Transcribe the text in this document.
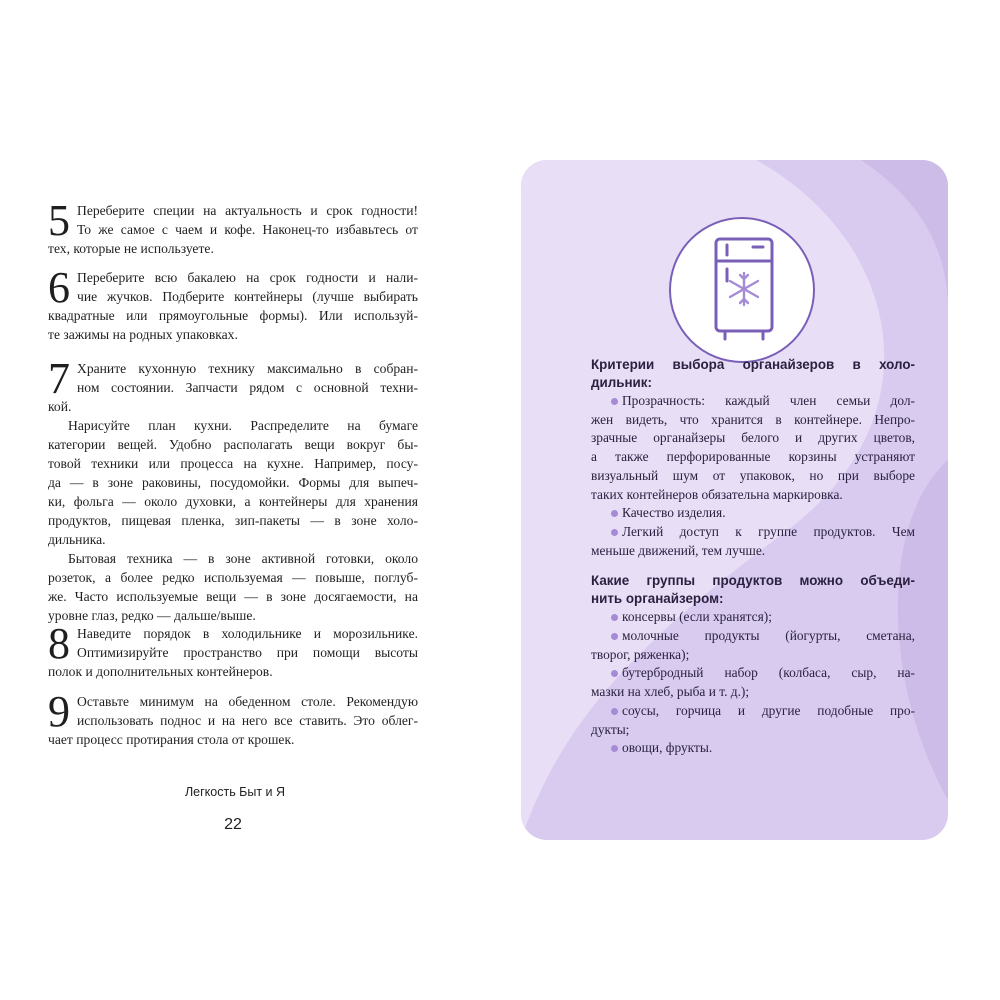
5 Переберите специи на актуальность и срок годности!
То же самое с чаем и кофе. Наконец-то избавьтесь от
тех, которые не используете.
6 Переберите всю бакалею на срок годности и нали-
чие жучков. Подберите контейнеры (лучше выбирать
квадратные или прямоугольные формы). Или используй-
те зажимы на родных упаковках.
7 Храните кухонную технику максимально в собран-
ном состоянии. Запчасти рядом с основной техни-
кой.
Нарисуйте план кухни. Распределите на бумаге
категории вещей. Удобно располагать вещи вокруг бы-
товой техники или процесса на кухне. Например, посу-
да — в зоне раковины, посудомойки. Формы для выпеч-
ки, фольга — около духовки, а контейнеры для хранения
продуктов, пищевая пленка, зип-пакеты — в зоне холо-
дильника.
Бытовая техника — в зоне активной готовки, около
розеток, а более редко используемая — повыше, поглуб-
же. Часто используемые вещи — в зоне досягаемости, на
уровне глаз, редко — дальше/выше.
8 Наведите порядок в холодильнике и морозильнике.
Оптимизируйте пространство при помощи высоты
полок и дополнительных контейнеров.
9 Оставьте минимум на обеденном столе. Рекомендую
использовать поднос и на него все ставить. Это облег-
чает процесс протирания стола от крошек.
Легкость Быт и Я
22
Критерии выбора органайзеров в холо-
дильник:
Прозрачность: каждый член семьи дол-
жен видеть, что хранится в контейнере. Непро-
зрачные органайзеры белого и других цветов,
а также перфорированные корзины устраняют
визуальный шум от упаковок, но при выборе
таких контейнеров обязательна маркировка.
Качество изделия.
Легкий доступ к группе продуктов. Чем
меньше движений, тем лучше.
Какие группы продуктов можно объеди-
нить органайзером:
консервы (если хранятся);
молочные продукты (йогурты, сметана,
творог, ряженка);
бутербродный набор (колбаса, сыр, на-
мазки на хлеб, рыба и т. д.);
соусы, горчица и другие подобные про-
дукты;
овощи, фрукты.
